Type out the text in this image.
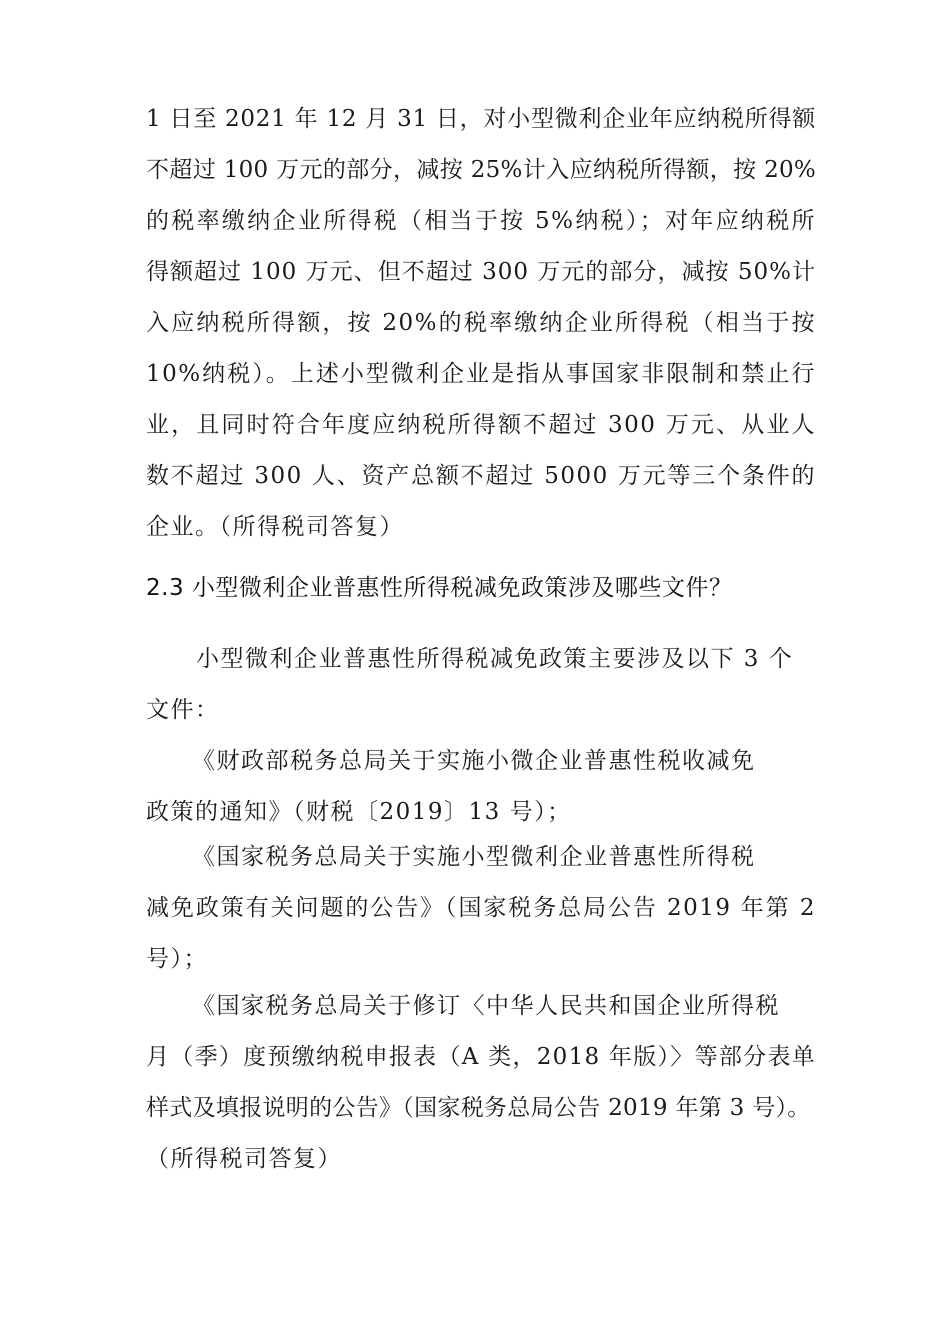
1 日至 2021 年 12 月 31 日，对小型微利企业年应纳税所得额
不超过 100 万元的部分，减按 25%计入应纳税所得额，按 20%
的税率缴纳企业所得税（相当于按 5%纳税）；对年应纳税所
得额超过 100 万元、但不超过 300 万元的部分，减按 50%计
入应纳税所得额，按 20%的税率缴纳企业所得税（相当于按
10%纳税）。上述小型微利企业是指从事国家非限制和禁止行
业，且同时符合年度应纳税所得额不超过 300 万元、从业人
数不超过 300 人、资产总额不超过 5000 万元等三个条件的
企业。（所得税司答复）
2.3 小型微利企业普惠性所得税减免政策涉及哪些文件？
小型微利企业普惠性所得税减免政策主要涉及以下 3 个
文件：
《财政部税务总局关于实施小微企业普惠性税收减免
政策的通知》（财税〔2019〕13 号）；
《国家税务总局关于实施小型微利企业普惠性所得税
减免政策有关问题的公告》（国家税务总局公告 2019 年第 2
号）；
《国家税务总局关于修订〈中华人民共和国企业所得税
月（季）度预缴纳税申报表（A 类，2018 年版）〉等部分表单
样式及填报说明的公告》（国家税务总局公告 2019 年第 3 号）。
（所得税司答复）
